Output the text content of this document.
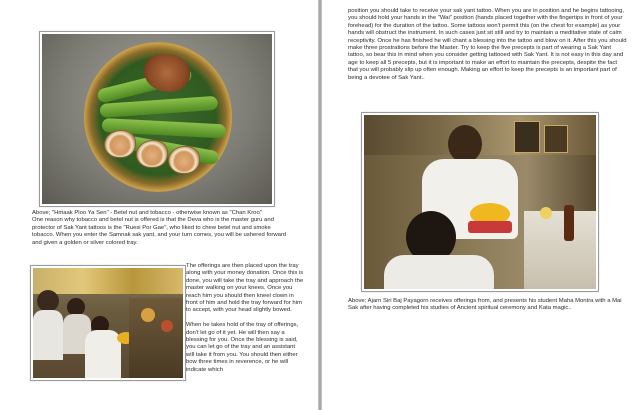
Above; "Hmaak Ploo Ya Sen" - Betel nut and tobacco - otherwise known as "Chan Kroo"
One reason why tobacco and betel nut is offered is that the Deva who is the master guru and protector of Sak Yant tattoos is the "Ruesi Por Gae", who liked to chew betel nut and smoke tobacco. When you enter the Samnak sak yant, and your turn comes, you will be ushered forward and given a golden or silver colored tray.

The offerings are then placed upon the tray along with your money donation. Once this is done, you will take the tray and approach the master walking on your knees. Once you reach him you should then kneel clown in front of him and hold the tray forward for him to accept, with your head slightly bowed.

When he takes hold of the tray of offerings, don't let go of it yet. He will then say a blessing for you. Once the blessing is said, you can let go of the tray and an assistant will take it from you. You should then either bow three times in reverence, or he will indicate which

position you should take to receive your sak yant tattoo. When you are in position and he begins tattooing, you should hold your hands in the "Wai" position (hands placed together with the fingertips in front of your forehead) for the duration of the tattoo. Some tattoos won't permit this (on the chest for example) as your hands will obstruct the instrument. In such cases just sit still and try to maintain a meditative state of calm receptivity. Once he has finished he will chant a blessing into the tattoo and blow on it. After this you should make three prostrations before the Master. Try to keep the five precepts is part of wearing a Sak Yant tattoo, so bear this in mind when you consider getting tattooed with Sak Yant. It is not easy in this day and age to keep all 5 precepts, but it is important to make an effort to maintain the precepts, despite the fact that you will probably slip up often enough. Making an effort to keep the precepts is an important part of being a devotee of Sak Yant..

Above; Ajarn Siri Baj Payagorn receives offerings from, and presents his student Maha Montra with a Mai Sak after having completed his studies of Ancient spiritual ceremony and Kata magic..
